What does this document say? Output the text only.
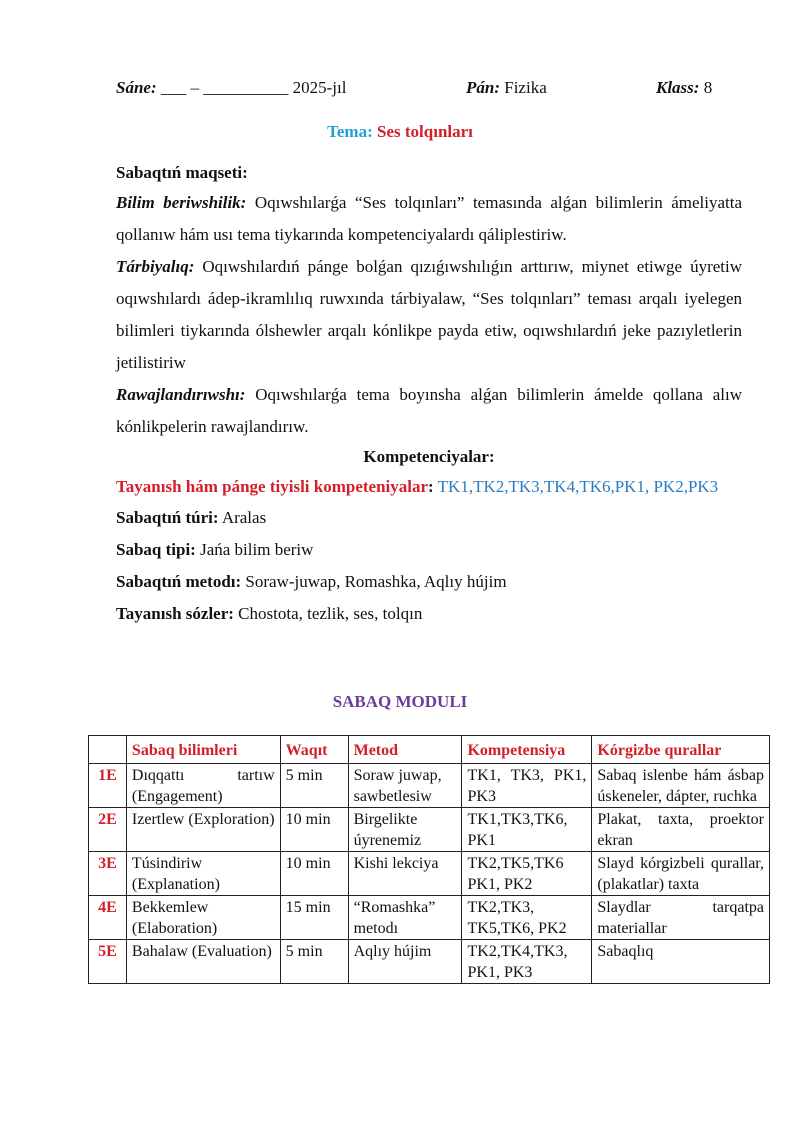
Sáne: ___ – __________ 2025-jıl	Pán: Fizika	Klass: 8
Tema: Ses tolqınları

Sabaqtıń maqseti:

Bilim beriwshilik: Oqıwshılarǵa “Ses tolqınları” temasında alǵan bilimlerin ámeliyatta qollanıw hám usı tema tiykarında kompetenciyalardı qáliplestiriw.

Tárbiyalıq: Oqıwshılardıń pánge bolǵan qızıǵıwshılıǵın arttırıw, miynet etiwge úyretiw oqıwshılardı ádep-ikramlılıq ruwxında tárbiyalaw, “Ses tolqınları” teması arqalı iyelegen bilimleri tiykarında ólshewler arqalı kónlikpe payda etiw, oqıwshılardıń jeke pazıyletlerin jetilistiriw

Rawajlandırıwshı: Oqıwshılarǵa tema boyınsha alǵan bilimlerin ámelde qollana alıw kónlikpelerin rawajlandırıw.

Kompetenciyalar:

Tayanısh hám pánge tiyisli kompeteniyalar: TK1,TK2,TK3,TK4,TK6,PK1, PK2,PK3

Sabaqtıń túri: Aralas

Sabaq tipi: Jańa bilim beriw

Sabaqtıń metodı: Soraw-juwap, Romashka, Aqlıy hújim

Tayanısh sózler: Chostota, tezlik, ses, tolqın

SABAQ MODULI
	Sabaq bilimleri	Waqıt	Metod	Kompetensiya	Kórgizbe qurallar
1E	Dıqqattı tartıw (Engagement)	5 min	Soraw juwap, sawbetlesiw	TK1, TK3, PK1, PK3	Sabaq islenbe hám ásbap úskeneler, dápter, ruchka
2E	Izertlew (Exploration)	10 min	Birgelikte úyrenemiz	TK1,TK3,TK6, PK1	Plakat, taxta, proektor ekran
3E	Túsindiriw (Explanation)	10 min	Kishi lekciya	TK2,TK5,TK6 PK1, PK2	Slayd kórgizbeli qurallar, (plakatlar) taxta
4E	Bekkemlew (Elaboration)	15 min	“Romashka” metodı	TK2,TK3, TK5,TK6, PK2	Slaydlar tarqatpa materiallar
5E	Bahalaw (Evaluation)	5 min	Aqlıy hújim	TK2,TK4,TK3, PK1, PK3	Sabaqlıq
